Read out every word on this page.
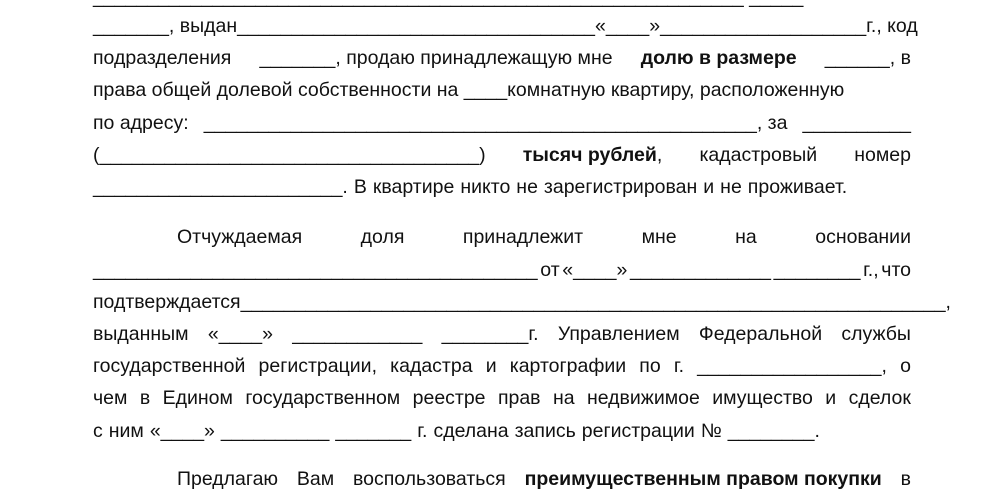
_______, выдан _________________________________ «____» _____________ ______ г., код
подразделения _______, продаю принадлежащую мне долю в размере ______, в
права общей долевой собственности на ____комнатную квартиру, расположенную
по адресу: ___________________________________________________, за __________
(___________________________________) тысяч рублей, кадастровый номер
_______________________. В квартире никто не зарегистрирован и не проживает.
Отчуждаемая	доля	принадлежит	мне	на	основании
_________________________________________ от «____» _____________ ________ г., что
подтверждается _________________________________________________________________,
выданным «____» ____________ ________г. Управлением Федеральной службы
государственной регистрации, кадастра и картографии по г. _________________, о
чем в Едином государственном реестре прав на недвижимое имущество и сделок
с ним «____» __________ _______ г. сделана запись регистрации № ________.
Предлагаю Вам воспользоваться преимущественным правом покупки в
